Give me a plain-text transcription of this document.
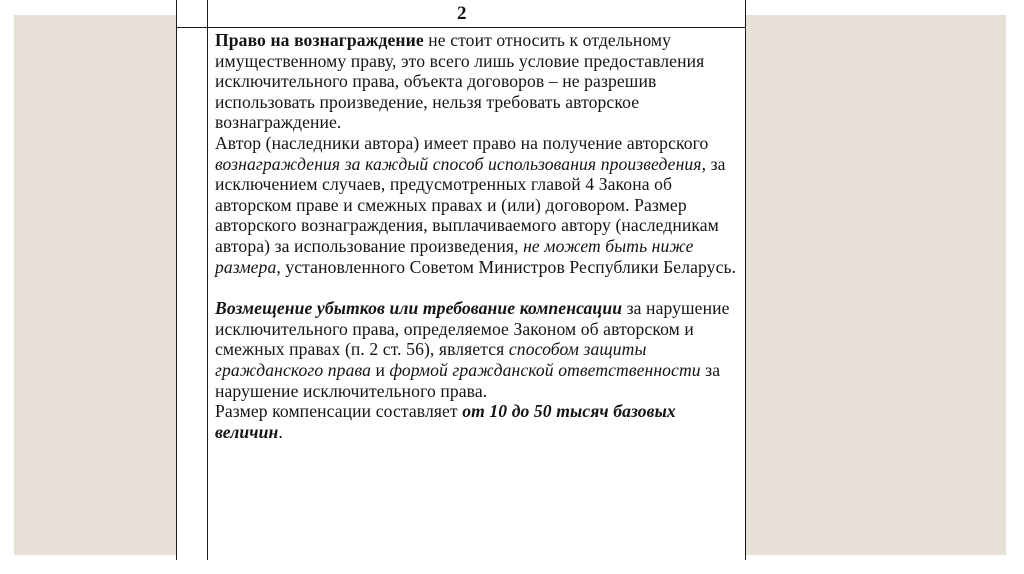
2

Право на вознаграждение не стоит относить к отдельному имущественному праву, это всего лишь условие предоставления исключительного права, объекта договоров – не разрешив использовать произведение, нельзя требовать авторское вознаграждение.

Автор (наследники автора) имеет право на получение авторского вознаграждения за каждый способ использования произведения, за исключением случаев, предусмотренных главой 4 Закона об авторском праве и смежных правах и (или) договором. Размер авторского вознаграждения, выплачиваемого автору (наследникам автора) за использование произведения, не может быть ниже размера, установленного Советом Министров Республики Беларусь.

Возмещение убытков или требование компенсации за нарушение исключительного права, определяемое Законом об авторском и смежных правах (п. 2 ст. 56), является способом защиты гражданского права и формой гражданской ответственности за нарушение исключительного права.

Размер компенсации составляет от 10 до 50 тысяч базовых величин.
